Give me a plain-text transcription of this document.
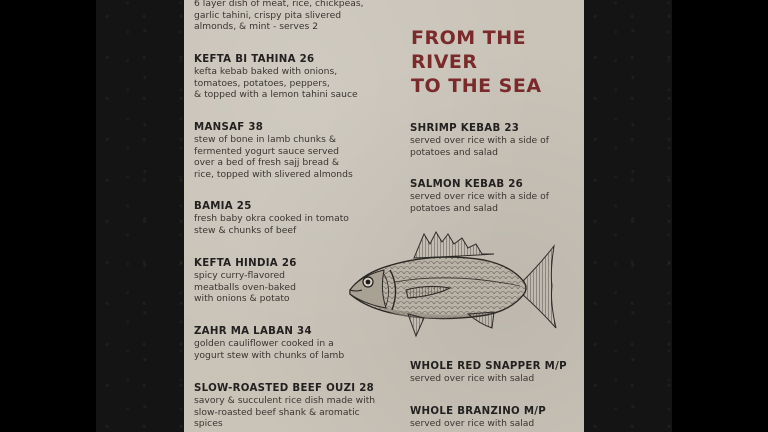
6 layer dish of meat, rice, chickpeas,
garlic tahini, crispy pita slivered
almonds, & mint - serves 2
KEFTA BI TAHINA 26
kefta kebab baked with onions,
tomatoes, potatoes, peppers,
& topped with a lemon tahini sauce
MANSAF 38
stew of bone in lamb chunks &
fermented yogurt sauce served
over a bed of fresh sajj bread &
rice, topped with slivered almonds
BAMIA 25
fresh baby okra cooked in tomato
stew & chunks of beef
KEFTA HINDIA 26
spicy curry-flavored
meatballs oven-baked
with onions & potato
ZAHR MA LABAN 34
golden cauliflower cooked in a
yogurt stew with chunks of lamb
SLOW-ROASTED BEEF OUZI 28
savory & succulent rice dish made with
slow-roasted beef shank & aromatic
spices
FROM THE
RIVER
TO THE SEA
SHRIMP KEBAB 23
served over rice with a side of
potatoes and salad
SALMON KEBAB 26
served over rice with a side of
potatoes and salad
WHOLE RED SNAPPER M/P
served over rice with salad
WHOLE BRANZINO M/P
served over rice with salad
